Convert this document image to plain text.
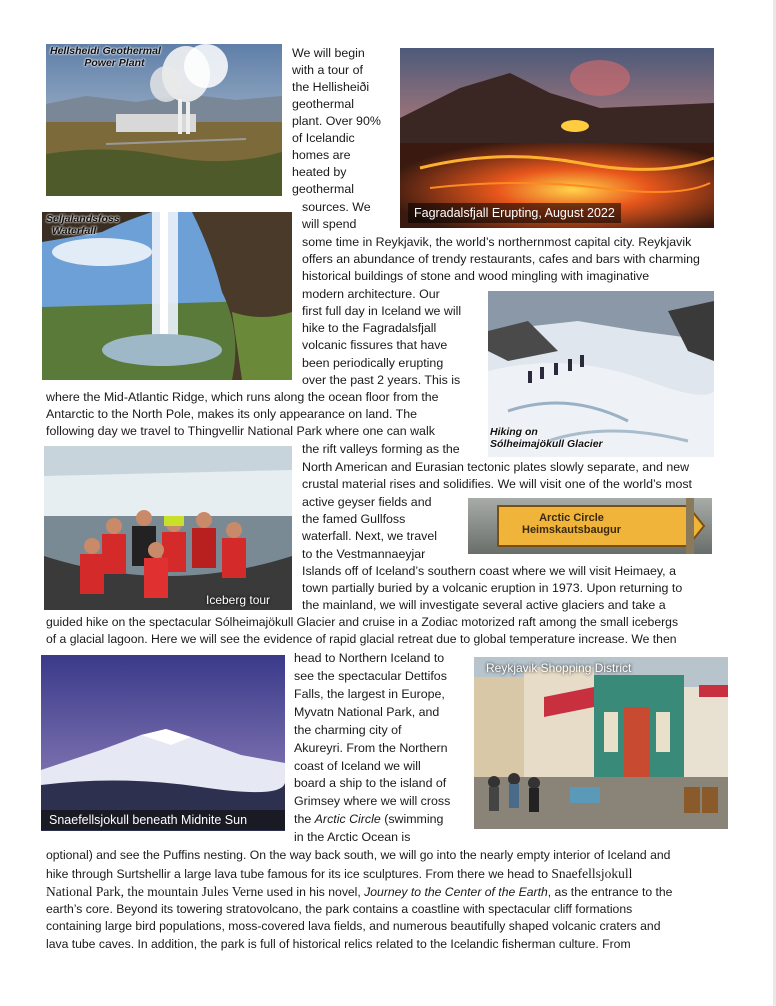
Hellsheidi Geothermal
Power Plant
Fagradalsfjall Erupting, August 2022
Seljalandsfoss
Waterfall
Hiking on
Sólheimajökull Glacier
Iceberg tour
Arctic Circle
Heimskautsbaugur
Snaefellsjokull beneath Midnite Sun
Reykjavik Shopping District
We will begin
with a tour of
the Hellisheiði
geothermal
plant. Over 90%
of Icelandic
homes are
heated by
geothermal
sources. We
will spend
some time in Reykjavik, the world’s northernmost capital city. Reykjavik
offers an abundance of trendy restaurants, cafes and bars with charming
historical buildings of stone and wood mingling with imaginative
modern architecture. Our
first full day in Iceland we will
hike to the Fagradalsfjall
volcanic fissures that have
been periodically erupting
over the past 2 years. This is
where the Mid-Atlantic Ridge, which runs along the ocean floor from the
Antarctic to the North Pole, makes its only appearance on land. The
following day we travel to Thingvellir National Park where one can walk
the rift valleys forming as the
North American and Eurasian tectonic plates slowly separate, and new
crustal material rises and solidifies. We will visit one of the world’s most
active geyser fields and
the famed Gullfoss
waterfall. Next, we travel
to the Vestmannaeyjar
Islands off of Iceland’s southern coast where we will visit Heimaey, a
town partially buried by a volcanic eruption in 1973. Upon returning to
the mainland, we will investigate several active glaciers and take a
guided hike on the spectacular Sólheimajökull Glacier and cruise in a Zodiac motorized raft among the small icebergs
of a glacial lagoon. Here we will see the evidence of rapid glacial retreat due to global temperature increase. We then
head to Northern Iceland to
see the spectacular Dettifos
Falls, the largest in Europe,
Myvatn National Park, and
the charming city of
Akureyri. From the Northern
coast of Iceland we will
board a ship to the island of
Grimsey where we will cross
the Arctic Circle (swimming
in the Arctic Ocean is
optional) and see the Puffins nesting. On the way back south, we will go into the nearly empty interior of Iceland and
hike through Surtshellir a large lava tube famous for its ice sculptures. From there we head to Snaefellsjokull
National Park, the mountain Jules Verne used in his novel, Journey to the Center of the Earth, as the entrance to the
earth’s core. Beyond its towering stratovolcano, the park contains a coastline with spectacular cliff formations
containing large bird populations, moss-covered lava fields, and numerous beautifully shaped volcanic craters and
lava tube caves. In addition, the park is full of historical relics related to the Icelandic fisherman culture. From
